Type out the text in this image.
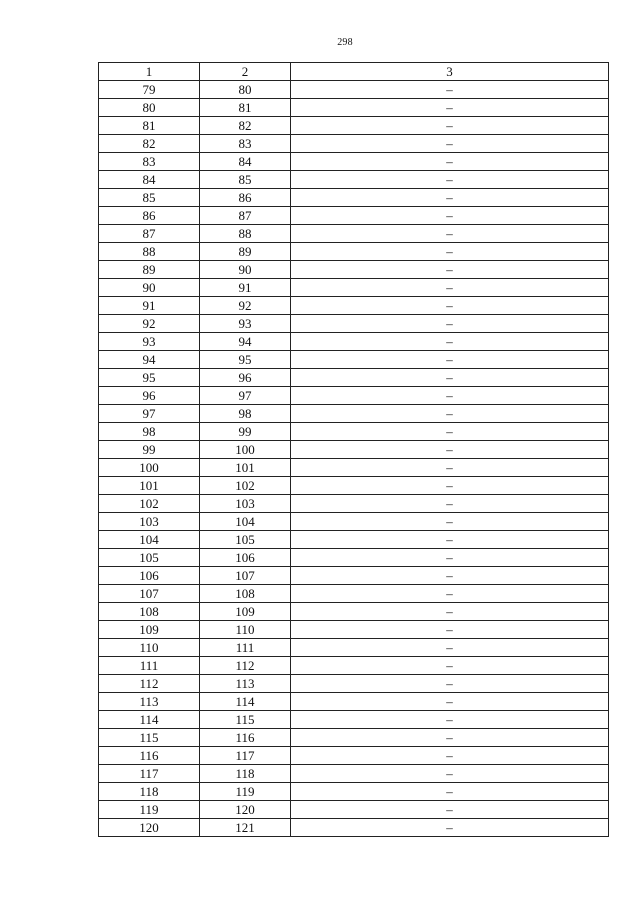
298
1	2	3
79	80	–
80	81	–
81	82	–
82	83	–
83	84	–
84	85	–
85	86	–
86	87	–
87	88	–
88	89	–
89	90	–
90	91	–
91	92	–
92	93	–
93	94	–
94	95	–
95	96	–
96	97	–
97	98	–
98	99	–
99	100	–
100	101	–
101	102	–
102	103	–
103	104	–
104	105	–
105	106	–
106	107	–
107	108	–
108	109	–
109	110	–
110	111	–
111	112	–
112	113	–
113	114	–
114	115	–
115	116	–
116	117	–
117	118	–
118	119	–
119	120	–
120	121	–
